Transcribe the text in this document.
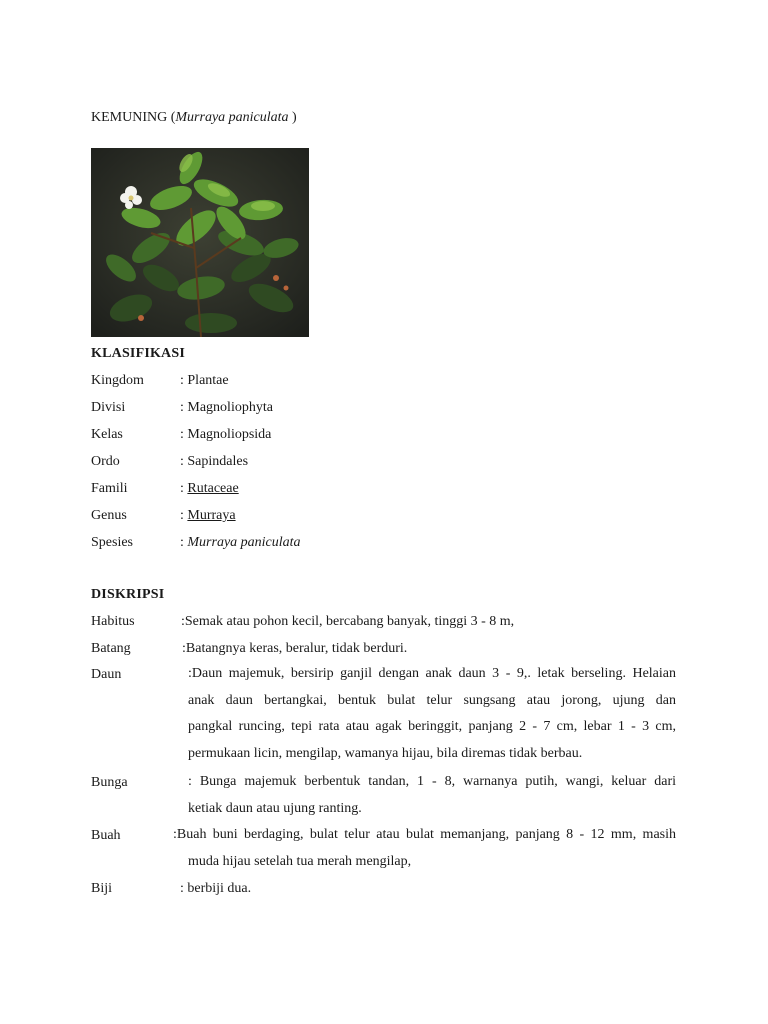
KEMUNING (Murraya paniculata )
KLASIFIKASI
Kingdom	: Plantae
Divisi	: Magnoliophyta
Kelas	: Magnoliopsida
Ordo	: Sapindales
Famili	: Rutaceae
Genus	: Murraya
Spesies	: Murraya paniculata
DISKRIPSI
Habitus	:Semak atau pohon kecil, bercabang banyak, tinggi 3 - 8 m,
Batang	:Batangnya keras, beralur, tidak berduri.
Daun	:Daun majemuk, bersirip ganjil dengan anak daun 3 - 9,. letak berseling. Helaian
anak daun bertangkai, bentuk bulat telur sungsang atau jorong, ujung dan
pangkal runcing, tepi rata atau agak beringgit, panjang 2 - 7 cm, lebar 1 - 3 cm,
permukaan licin, mengilap, wamanya hijau, bila diremas tidak berbau.
Bunga	: Bunga majemuk berbentuk tandan, 1 - 8, warnanya putih, wangi, keluar dari
ketiak daun atau ujung ranting.
Buah	:Buah buni berdaging, bulat telur atau bulat memanjang, panjang 8 - 12 mm, masih
muda hijau setelah tua merah mengilap,
Biji	: berbiji dua.
